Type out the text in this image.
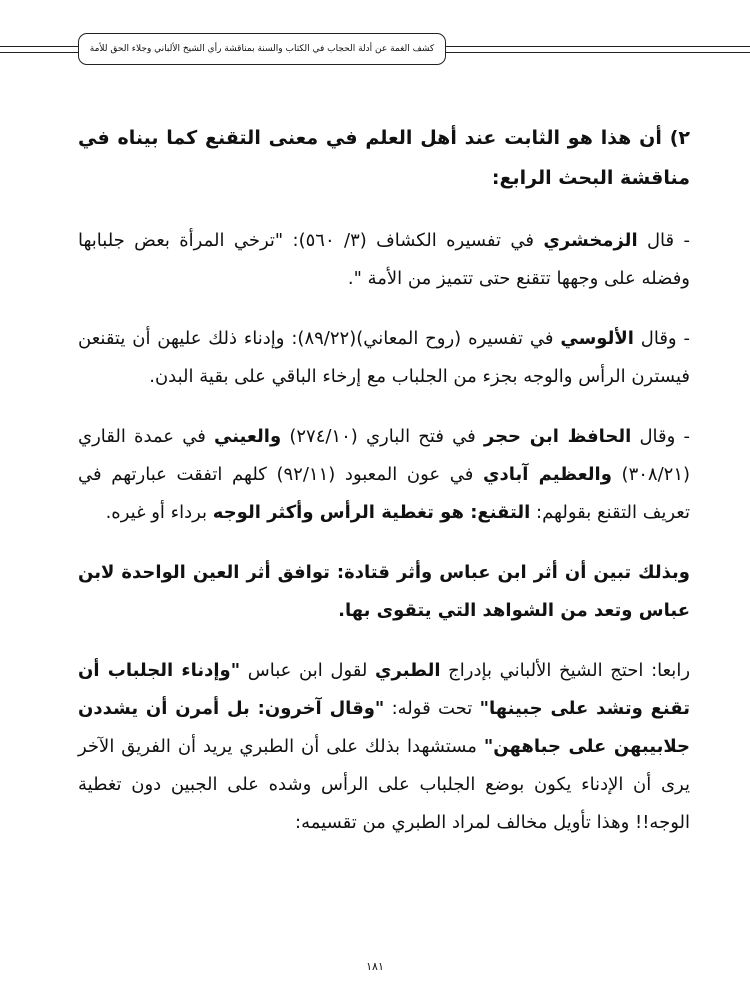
كشف الغمة عن أدلة الحجاب في الكتاب والسنة بمناقشة رأي الشيخ الألباني وجلاء الحق للأمة

٢) أن هذا هو الثابت عند أهل العلم في معنى التقنع كما بيناه في مناقشة البحث الرابع:

- قال الزمخشري في تفسيره الكشاف (٣/ ٥٦٠): "ترخي المرأة بعض جلبابها وفضله على وجهها تتقنع حتى تتميز من الأمة ".

- وقال الألوسي في تفسيره (روح المعاني)(٨٩/٢٢): وإدناء ذلك عليهن أن يتقنعن فيسترن الرأس والوجه بجزء من الجلباب مع إرخاء الباقي على بقية البدن.

- وقال الحافظ ابن حجر في فتح الباري (٢٧٤/١٠) والعيني في عمدة القاري (٣٠٨/٢١) والعظيم آبادي في عون المعبود (٩٢/١١) كلهم اتفقت عبارتهم في تعريف التقنع بقولهم: التقنع: هو تغطية الرأس وأكثر الوجه برداء أو غيره.

وبذلك تبين أن أثر ابن عباس وأثر قتادة: توافق أثر العين الواحدة لابن عباس وتعد من الشواهد التي يتقوى بها.

رابعا: احتج الشيخ الألباني بإدراج الطبري لقول ابن عباس "وإدناء الجلباب أن تقنع وتشد على جبينها" تحت قوله: "وقال آخرون: بل أمرن أن يشددن جلابيبهن على جباههن" مستشهدا بذلك على أن الطبري يريد أن الفريق الآخر يرى أن الإدناء يكون بوضع الجلباب على الرأس وشده على الجبين دون تغطية الوجه!! وهذا تأويل مخالف لمراد الطبري من تقسيمه:

١٨١
